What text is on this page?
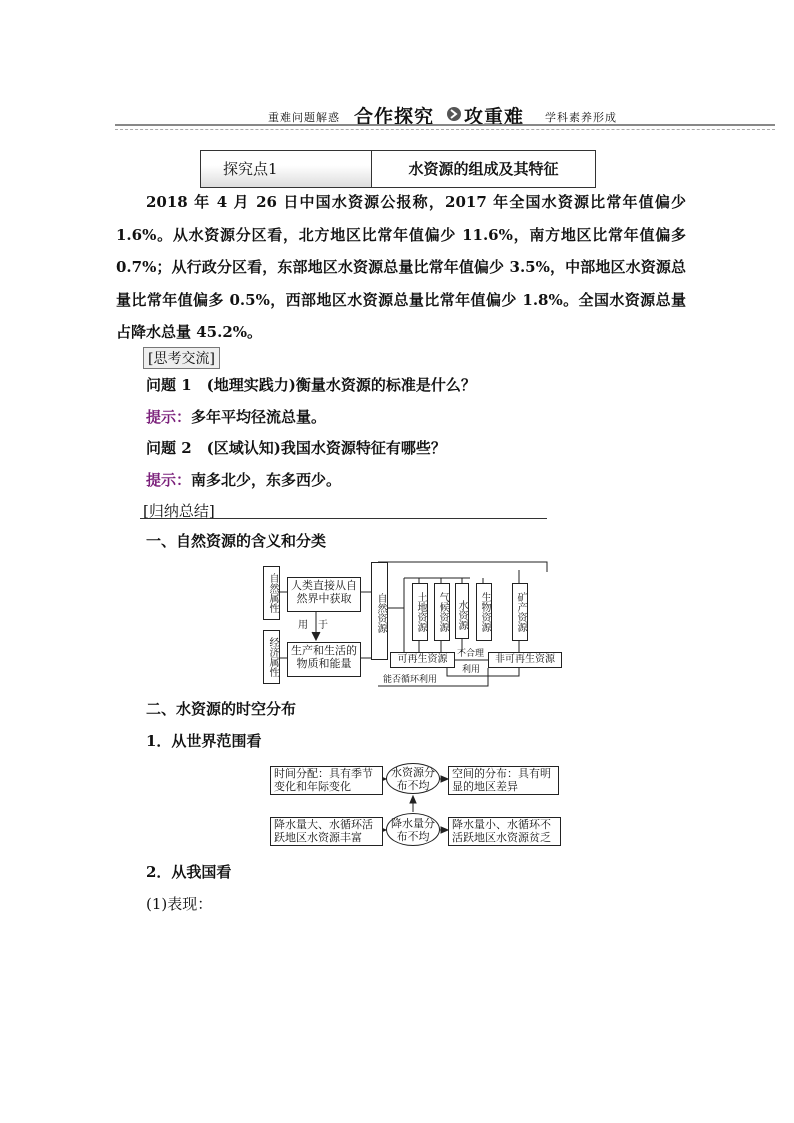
重难问题解惑 合作探究 攻重难 学科素养形成
探究点1	水资源的组成及其特征
2018 年 4 月 26 日中国水资源公报称，2017 年全国水资源比常年值偏少 1.6%。从水资源分区看，北方地区比常年值偏少 11.6%，南方地区比常年值偏多 0.7%；从行政分区看，东部地区水资源总量比常年值偏少 3.5%，中部地区水资源总量比常年值偏多 0.5%，西部地区水资源总量比常年值偏少 1.8%。全国水资源总量占降水总量 45.2%。
[思考交流]
问题 1　(地理实践力)衡量水资源的标准是什么？
提示：多年平均径流总量。
问题 2　(区域认知)我国水资源特征有哪些？
提示：南多北少，东多西少。
[归纳总结]
一、自然资源的含义和分类
自然属性
经济属性
人类直接从自然界中获取
用　于
生产和生活的物质和能量
自然资源	土地资源	气候资源 水资源	生物资源	矿产资源
可再生资源	非可再生资源
不合理
利用
能否循环利用
二、水资源的时空分布
1．从世界范围看
时间分配：具有季节变化和年际变化
水资源分布不均
空间的分布：具有明显的地区差异
降水量大、水循环活跃地区水资源丰富
降水量分布不均
降水量小、水循环不活跃地区水资源贫乏
2．从我国看
(1)表现：
